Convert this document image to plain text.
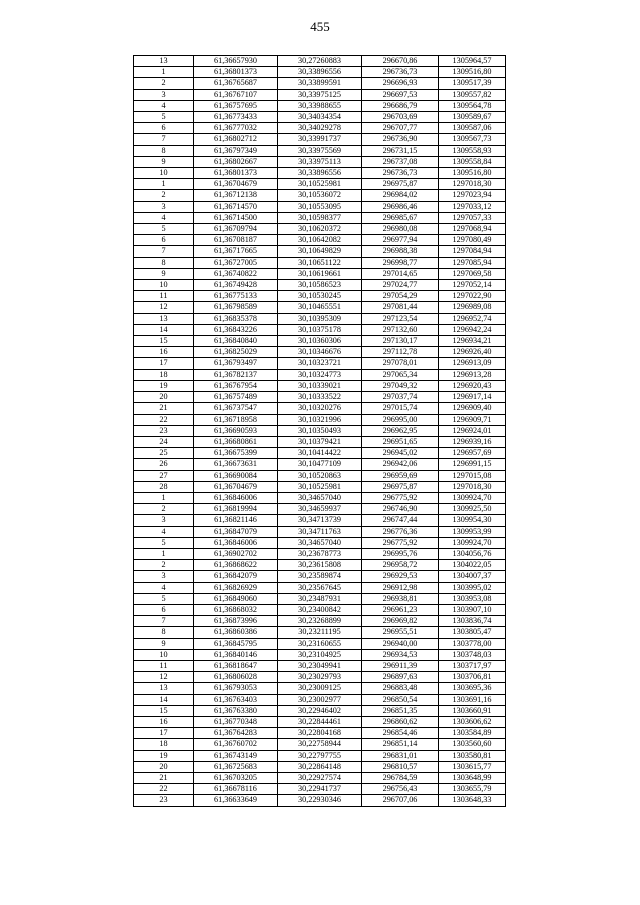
455
13	61,36657930	30,27260883	296670,86	1305964,57
1	61,36801373	30,33896556	296736,73	1309516,80
2	61,36765687	30,33899591	296696,93	1309517,39
3	61,36767107	30,33975125	296697,53	1309557,82
4	61,36757695	30,33988655	296686,79	1309564,78
5	61,36773433	30,34034354	296703,69	1309589,67
6	61,36777032	30,34029278	296707,77	1309587,06
7	61,36802712	30,33991737	296736,90	1309567,73
8	61,36797349	30,33975569	296731,15	1309558,93
9	61,36802667	30,33975113	296737,08	1309558,84
10	61,36801373	30,33896556	296736,73	1309516,80
1	61,36704679	30,10525981	296975,87	1297018,30
2	61,36712138	30,10536072	296984,02	1297023,94
3	61,36714570	30,10553095	296986,46	1297033,12
4	61,36714500	30,10598377	296985,67	1297057,33
5	61,36709794	30,10620372	296980,08	1297068,94
6	61,36708187	30,10642082	296977,94	1297080,49
7	61,36717665	30,10649829	296988,38	1297084,94
8	61,36727005	30,10651122	296998,77	1297085,94
9	61,36740822	30,10619661	297014,65	1297069,58
10	61,36749428	30,10586523	297024,77	1297052,14
11	61,36775133	30,10530245	297054,29	1297022,90
12	61,36798589	30,10465551	297081,44	1296989,08
13	61,36835378	30,10395309	297123,54	1296952,74
14	61,36843226	30,10375178	297132,60	1296942,24
15	61,36840840	30,10360306	297130,17	1296934,21
16	61,36825029	30,10346676	297112,78	1296926,40
17	61,36793497	30,10323721	297078,01	1296913,09
18	61,36782137	30,10324773	297065,34	1296913,28
19	61,36767954	30,10339021	297049,32	1296920,43
20	61,36757489	30,10333522	297037,74	1296917,14
21	61,36737547	30,10320276	297015,74	1296909,40
22	61,36718958	30,10321996	296995,00	1296909,71
23	61,36690593	30,10350493	296962,95	1296924,01
24	61,36680861	30,10379421	296951,65	1296939,16
25	61,36675399	30,10414422	296945,02	1296957,69
26	61,36673631	30,10477109	296942,06	1296991,15
27	61,36690084	30,10520863	296959,69	1297015,08
28	61,36704679	30,10525981	296975,87	1297018,30
1	61,36846006	30,34657040	296775,92	1309924,70
2	61,36819994	30,34659937	296746,90	1309925,50
3	61,36821146	30,34713739	296747,44	1309954,30
4	61,36847079	30,34711763	296776,36	1309953,99
5	61,36846006	30,34657040	296775,92	1309924,70
1	61,36902702	30,23678773	296995,76	1304056,76
2	61,36868622	30,23615808	296958,72	1304022,05
3	61,36842079	30,23589874	296929,53	1304007,37
4	61,36826929	30,23567645	296912,98	1303995,02
5	61,36849060	30,23487931	296938,81	1303953,08
6	61,36868032	30,23400842	296961,23	1303907,10
7	61,36873996	30,23268899	296969,82	1303836,74
8	61,36860386	30,23211195	296955,51	1303805,47
9	61,36845795	30,23160655	296940,00	1303778,00
10	61,36840146	30,23104925	296934,53	1303748,03
11	61,36818647	30,23049941	296911,39	1303717,97
12	61,36806028	30,23029793	296897,63	1303706,81
13	61,36793053	30,23009125	296883,48	1303695,36
14	61,36763403	30,23002977	296850,54	1303691,16
15	61,36763380	30,22946402	296851,35	1303660,91
16	61,36770348	30,22844461	296860,62	1303606,62
17	61,36764283	30,22804168	296854,46	1303584,89
18	61,36760702	30,22758944	296851,14	1303560,60
19	61,36743149	30,22797755	296831,01	1303580,81
20	61,36725683	30,22864148	296810,57	1303615,77
21	61,36703205	30,22927574	296784,59	1303648,99
22	61,36678116	30,22941737	296756,43	1303655,79
23	61,36633649	30,22930346	296707,06	1303648,33
